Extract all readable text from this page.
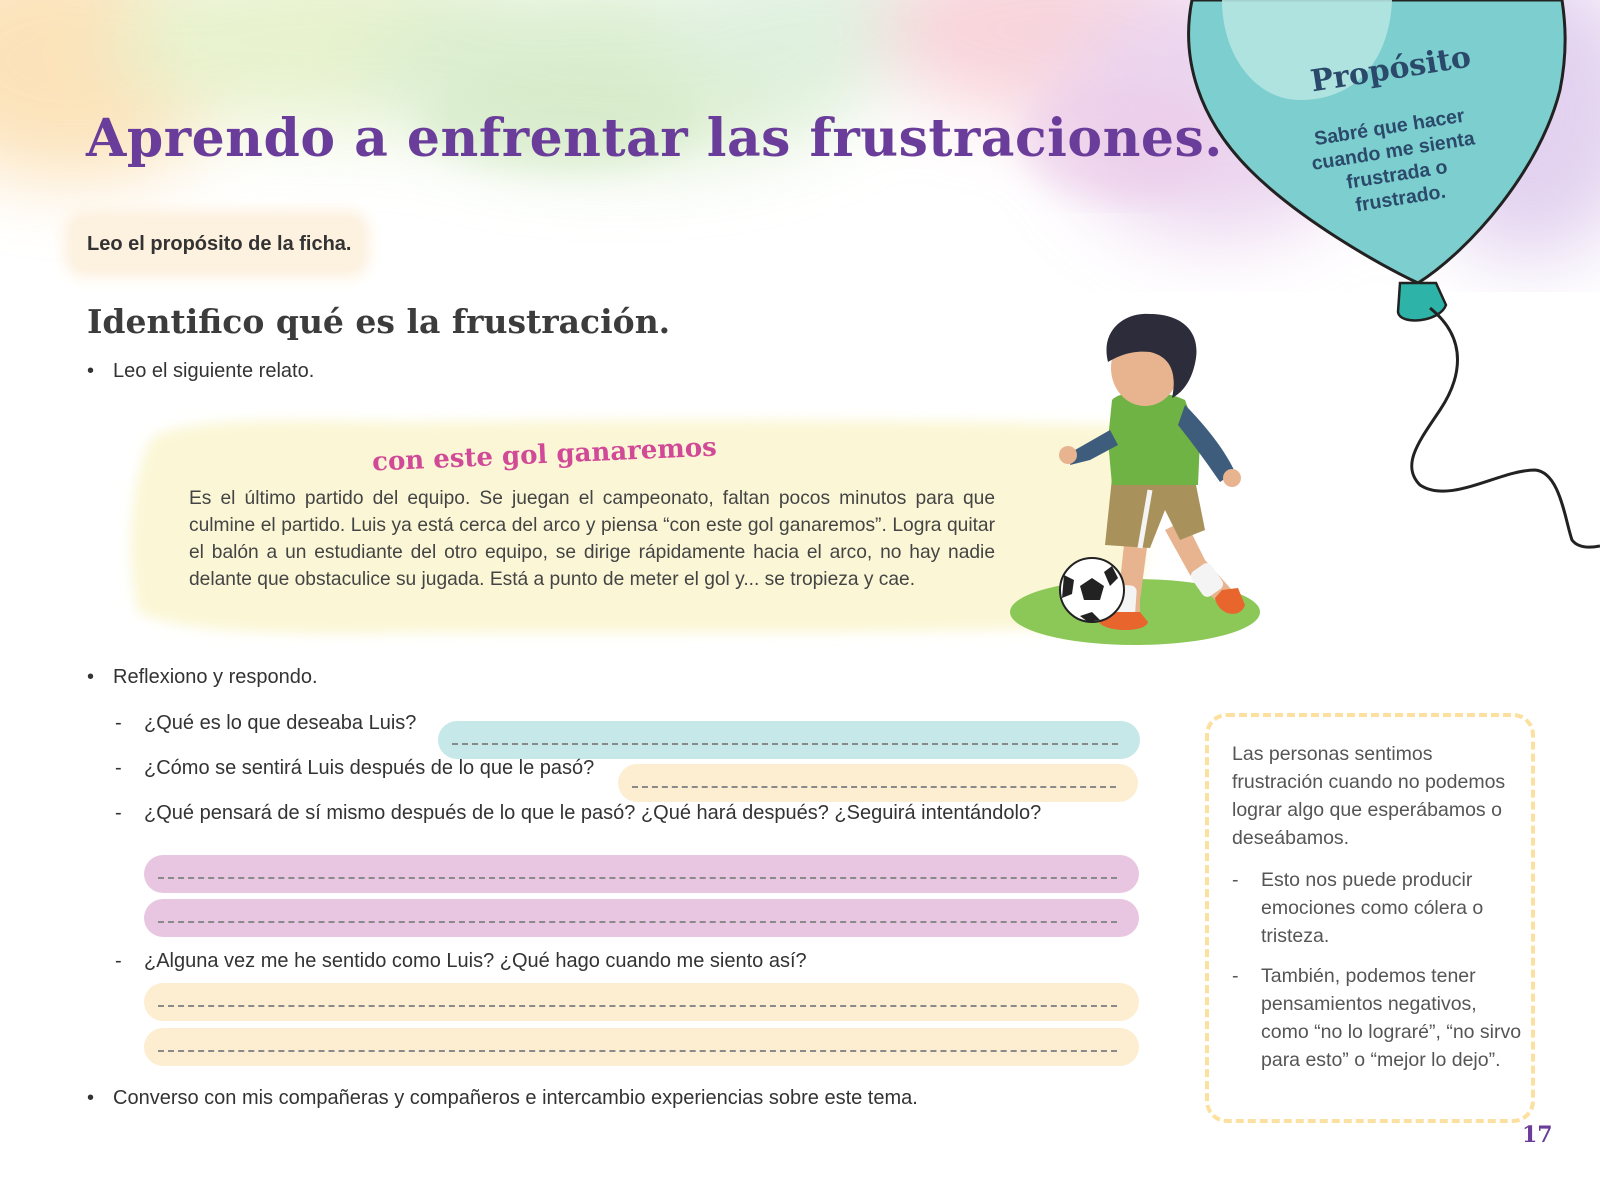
Propósito

Sabré que hacer cuando me sienta frustrada o frustrado.

Aprendo a enfrentar las frustraciones.
Leo el propósito de la ficha.
Identifico qué es la frustración.
• Leo el siguiente relato.
con este gol ganaremos

Es el último partido del equipo. Se juegan el campeonato, faltan pocos minutos para que culmine el partido. Luis ya está cerca del arco y piensa “con este gol ganaremos”. Logra quitar el balón a un estudiante del otro equipo, se dirige rápidamente hacia el arco, no hay nadie delante que obstaculice su jugada. Está a punto de meter el gol y... se tropieza y cae.

• Reflexiono y respondo.
- ¿Qué es lo que deseaba Luis?
- ¿Cómo se sentirá Luis después de lo que le pasó?
- ¿Qué pensará de sí mismo después de lo que le pasó? ¿Qué hará después? ¿Seguirá intentándolo?
- ¿Alguna vez me he sentido como Luis? ¿Qué hago cuando me siento así?
• Converso con mis compañeras y compañeros e intercambio experiencias sobre este tema.

Las personas sentimos frustración cuando no podemos lograr algo que esperábamos o deseábamos.

- Esto nos puede producir emociones como cólera o tristeza.
- También, podemos tener pensamientos negativos, como “no lo lograré”, “no sirvo para esto” o “mejor lo dejo”.
17
